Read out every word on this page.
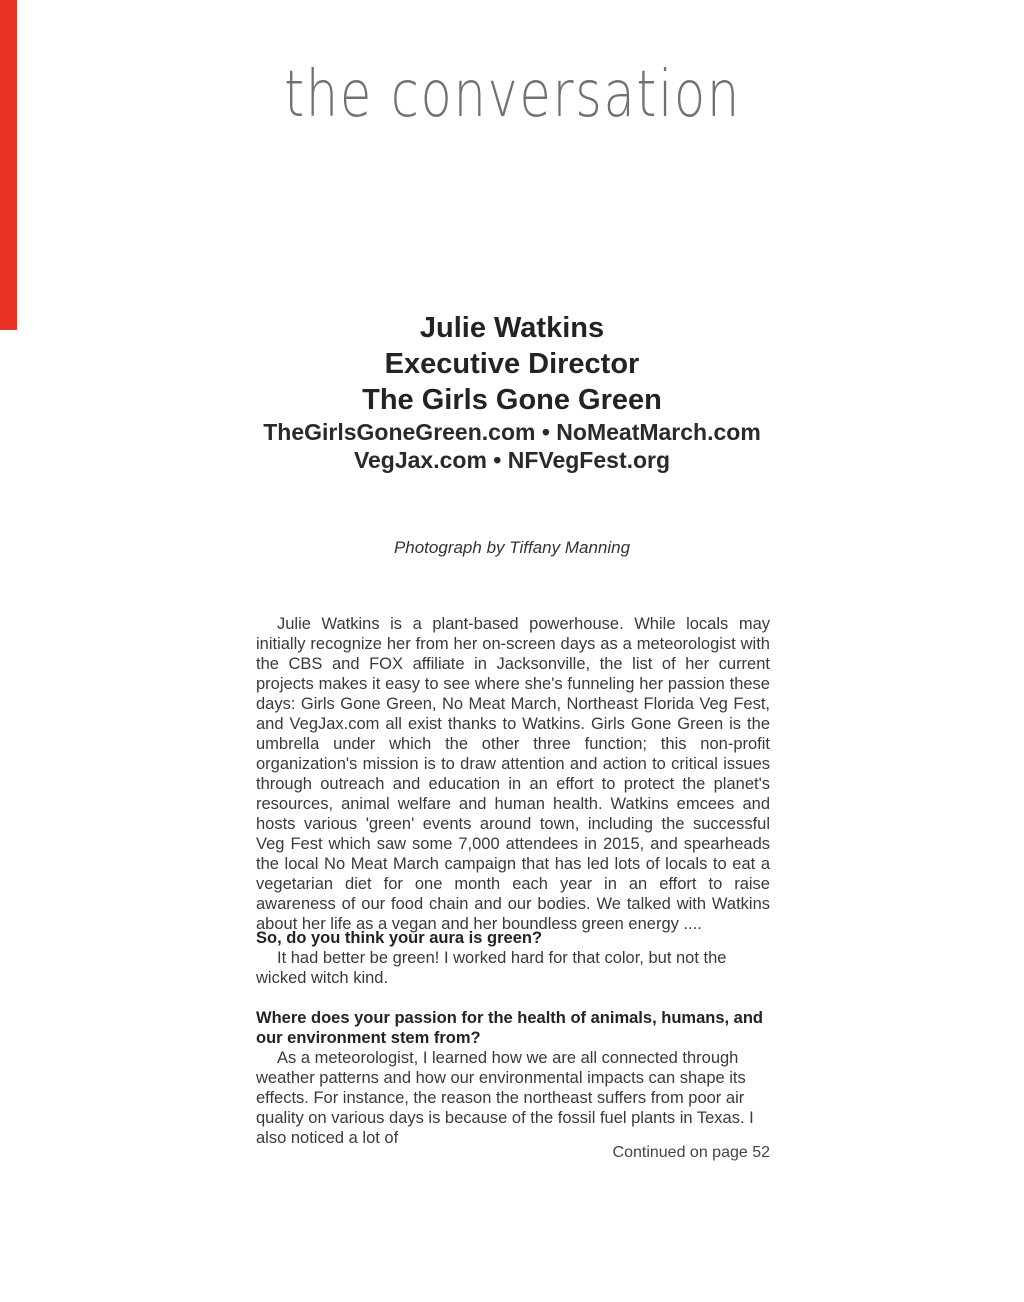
the conversation
Julie Watkins
Executive Director
The Girls Gone Green
TheGirlsGoneGreen.com • NoMeatMarch.com
VegJax.com • NFVegFest.org
Photograph by Tiffany Manning

Julie Watkins is a plant-based powerhouse. While locals may initially recognize her from her on-screen days as a meteorologist with the CBS and FOX affiliate in Jacksonville, the list of her current projects makes it easy to see where she's funneling her passion these days: Girls Gone Green, No Meat March, Northeast Florida Veg Fest, and VegJax.com all exist thanks to Watkins. Girls Gone Green is the umbrella under which the other three function; this non-profit organization's mission is to draw attention and action to critical issues through outreach and education in an effort to protect the planet's resources, animal welfare and human health. Watkins emcees and hosts various 'green' events around town, including the successful Veg Fest which saw some 7,000 attendees in 2015, and spearheads the local No Meat March campaign that has led lots of locals to eat a vegetarian diet for one month each year in an effort to raise awareness of our food chain and our bodies. We talked with Watkins about her life as a vegan and her boundless green energy ....

So, do you think your aura is green?
It had better be green! I worked hard for that color, but not the wicked witch kind.
Where does your passion for the health of animals, humans, and our environment stem from?
As a meteorologist, I learned how we are all connected through weather patterns and how our environmental impacts can shape its effects. For instance, the reason the northeast suffers from poor air quality on various days is because of the fossil fuel plants in Texas. I also noticed a lot of
Continued on page 52
